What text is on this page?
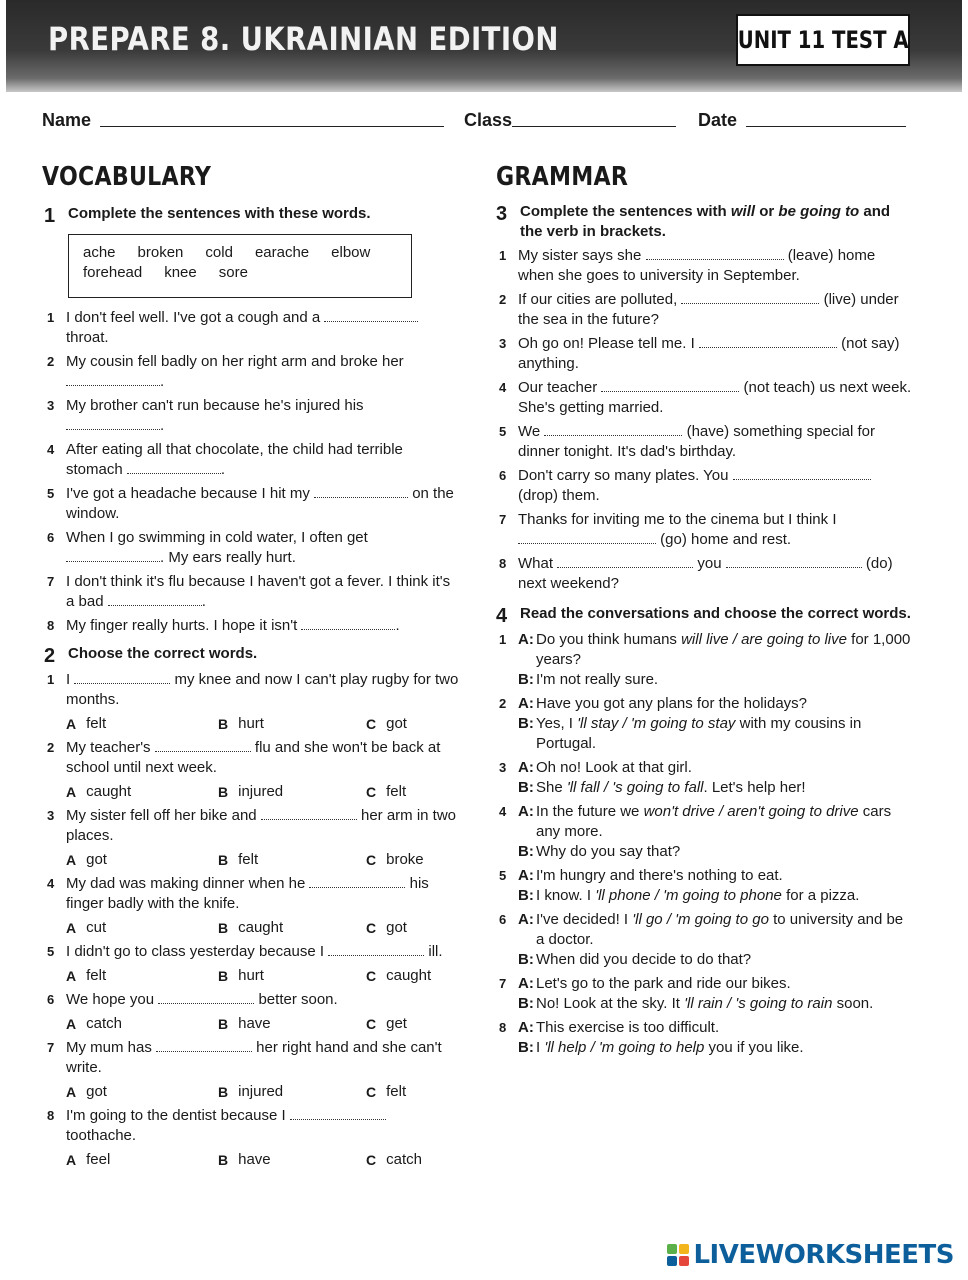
PREPARE 8. UKRAINIAN EDITION	UNIT 11 TEST A
Name	Class	Date
VOCABULARY	GRAMMAR
1 Complete the sentences with these words.
ache broken cold earache elbow
forehead knee sore
1 I don't feel well. I've got a cough and a  throat.
2 My cousin fell badly on her right arm and broke her .
3 My brother can't run because he's injured his .
4 After eating all that chocolate, the child had terrible stomach	.
5 I've got a headache because I hit my	on the window.
6 When I go swimming in cold water, I often get . My ears really hurt.
7 I don't think it's flu because I haven't got a fever. I think it's a bad	.
8 My finger really hurts. I hope it isn't	.
2 Choose the correct words.
1 I	my knee and now I can't play rugby for two months.
A felt	B hurt	C got
2 My teacher's	flu and she won't be back at school until next week.
A caught	B injured	C felt
3 My sister fell off her bike and	her arm in two places.
A got	B felt	C broke
4 My dad was making dinner when he	his finger badly with the knife.
A cut	B caught	C got
5 I didn't go to class yesterday because I	ill.
A felt	B hurt	C caught
6 We hope you	better soon.
A catch	B have	C get
7 My mum has	her right hand and she can't write.
A got	B injured	C felt
8 I'm going to the dentist because I  toothache.
A feel	B have	C catch
3 Complete the sentences with will or be going to and the verb in brackets.
1 My sister says she	(leave) home when she goes to university in September.
2 If our cities are polluted,	(live) under the sea in the future?
3 Oh go on! Please tell me. I	(not say) anything.
4 Our teacher	(not teach) us next week. She's getting married.
5 We	(have) something special for dinner tonight. It's dad's birthday.
6 Don't carry so many plates. You  (drop) them.
7 Thanks for inviting me to the cinema but I think I  (go) home and rest.
8 What	you	(do) next weekend?
4 Read the conversations and choose the correct words.
1 A: Do you think humans will live / are going to live for 1,000 years?
B: I'm not really sure.
2 A: Have you got any plans for the holidays?
B: Yes, I 'll stay / 'm going to stay with my cousins in Portugal.
3 A: Oh no! Look at that girl.
B: She 'll fall / 's going to fall. Let's help her!
4 A: In the future we won't drive / aren't going to drive cars any more.
B: Why do you say that?
5 A: I'm hungry and there's nothing to eat.
B: I know. I 'll phone / 'm going to phone for a pizza.
6 A: I've decided! I 'll go / 'm going to go to university and be a doctor.
B: When did you decide to do that?
7 A: Let's go to the park and ride our bikes.
B: No! Look at the sky. It 'll rain / 's going to rain soon.
8 A: This exercise is too difficult.
B: I 'll help / 'm going to help you if you like.
LIVEWORKSHEETS
